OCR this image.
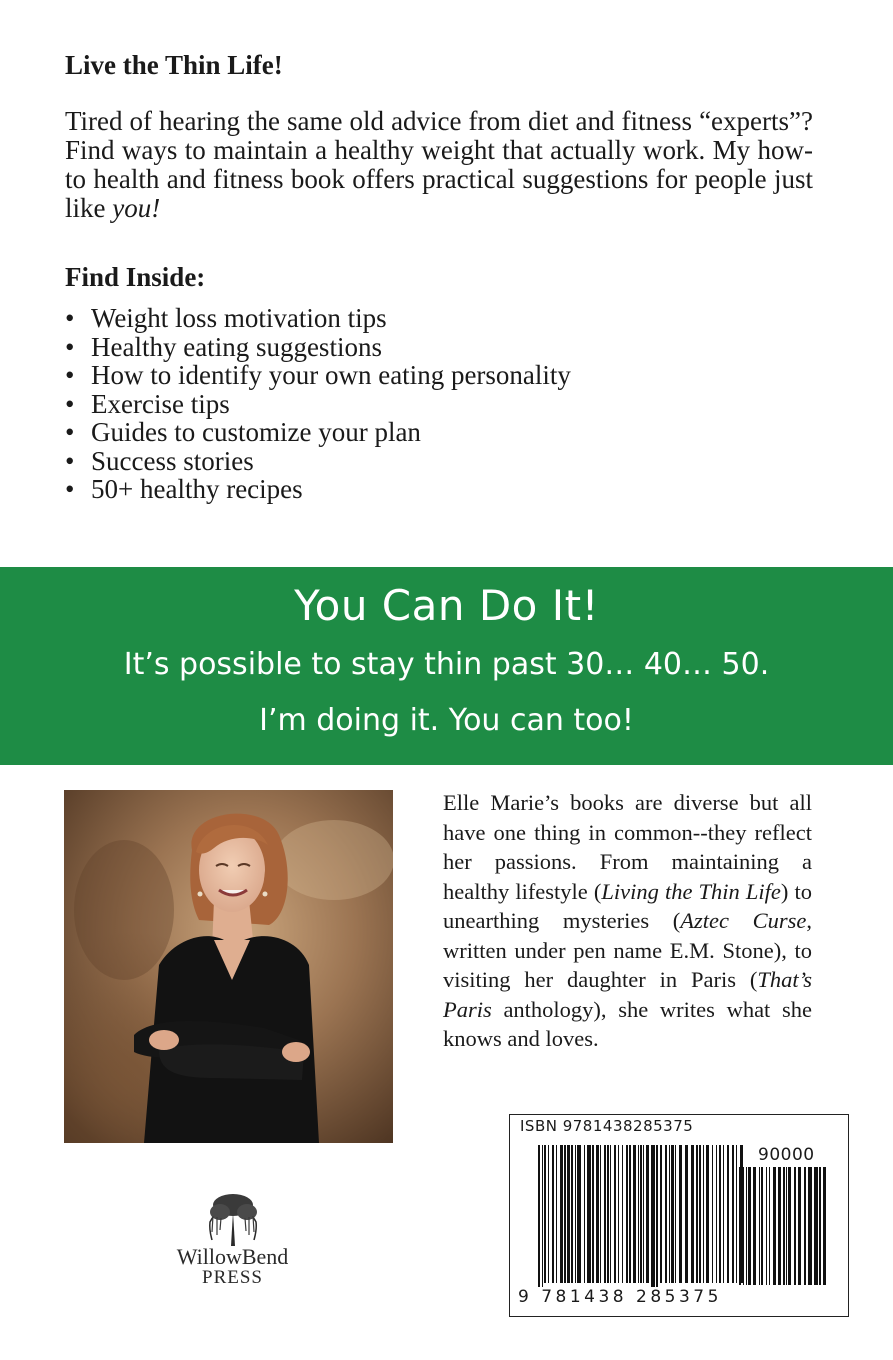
Live the Thin Life!

Tired of hearing the same old advice from diet and fitness “experts”? Find ways to maintain a healthy weight that actually work. My how-to health and fitness book offers practical suggestions for people just like you!

Find Inside:
• Weight loss motivation tips
• Healthy eating suggestions
• How to identify your own eating personality
• Exercise tips
• Guides to customize your plan
• Success stories
• 50+ healthy recipes
You Can Do It!
It’s possible to stay thin past 30… 40… 50.
I’m doing it. You can too!

Elle Marie’s books are diverse but all have one thing in common--they reflect her passions. From maintaining a healthy lifestyle (Living the Thin Life) to unearthing mysteries (Aztec Curse, written under pen name E.M. Stone), to visiting her daughter in Paris (That’s Paris anthology), she writes what she knows and loves.

WillowBend
PRESS
ISBN 9781438285375
90000
9 781438 285375
